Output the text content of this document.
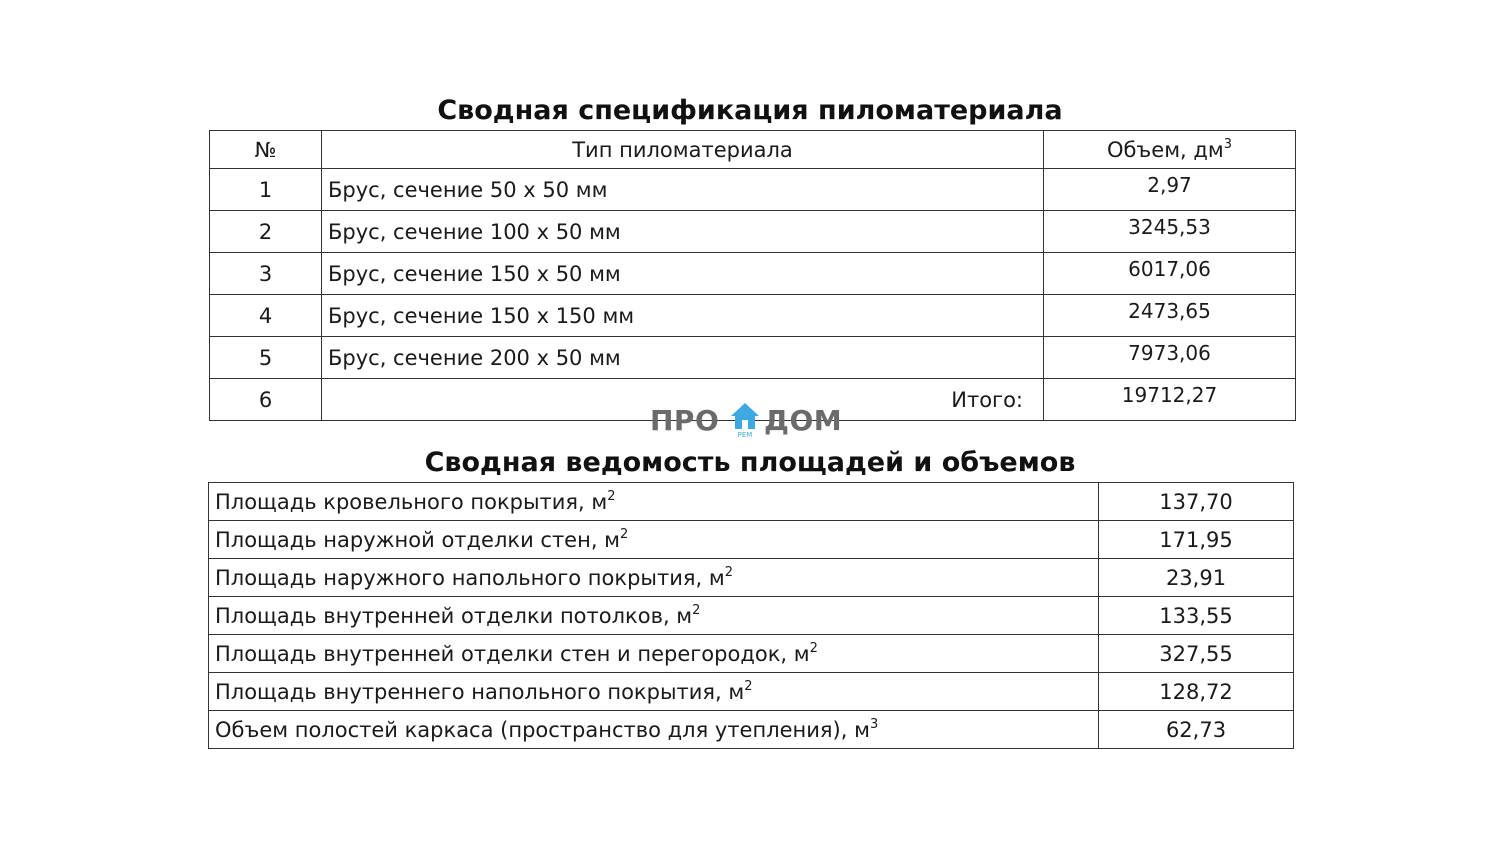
Сводная спецификация пиломатериала
№	Тип пиломатериала	Объем, $дм^3$
1	Брус, сечение 50 х 50 мм	2,97
2	Брус, сечение 100 х 50 мм	3245,53
3	Брус, сечение 150 х 50 мм	6017,06
4	Брус, сечение 150 х 150 мм	2473,65
5	Брус, сечение 200 х 50 мм	7973,06
6	Итого:	19712,27
ПРО	РЕМ ДОМ
Сводная ведомость площадей и объемов
Площадь кровельного покрытия, $м^2$	137,70
Площадь наружной отделки стен, $м^2$	171,95
Площадь наружного напольного покрытия, $м^2$	23,91
Площадь внутренней отделки потолков, $м^2$	133,55
Площадь внутренней отделки стен и перегородок, $м^2$	327,55
Площадь внутреннего напольного покрытия, $м^2$	128,72
Объем полостей каркаса (пространство для утепления), $м^3$	62,73
